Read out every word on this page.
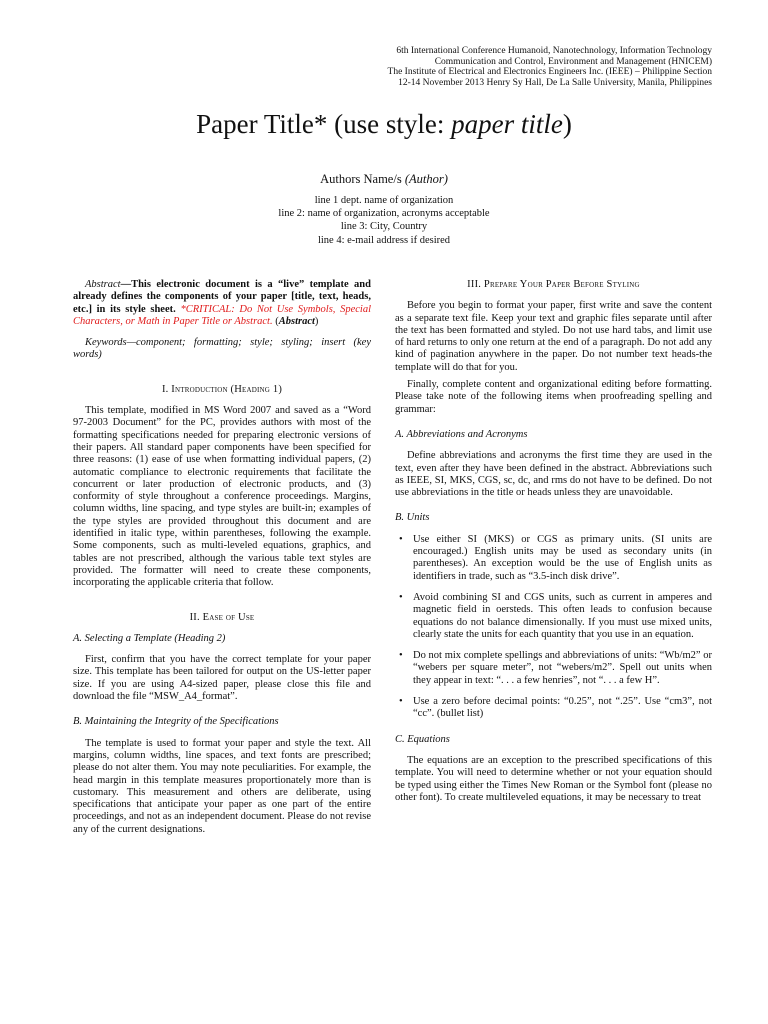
6th International Conference Humanoid, Nanotechnology, Information Technology
Communication and Control, Environment and Management (HNICEM)
The Institute of Electrical and Electronics Engineers Inc. (IEEE) – Philippine Section
12-14 November 2013 Henry Sy Hall, De La Salle University, Manila, Philippines
Paper Title* (use style: paper title)
Authors Name/s (Author)
line 1 dept. name of organization
line 2: name of organization, acronyms acceptable
line 3: City, Country
line 4: e-mail address if desired

Abstract—This electronic document is a “live” template and already defines the components of your paper [title, text, heads, etc.] in its style sheet. *CRITICAL: Do Not Use Symbols, Special Characters, or Math in Paper Title or Abstract. (Abstract)

Keywords—component; formatting; style; styling; insert (key words)

I. Introduction (Heading 1)

This template, modified in MS Word 2007 and saved as a “Word 97-2003 Document” for the PC, provides authors with most of the formatting specifications needed for preparing electronic versions of their papers. All standard paper components have been specified for three reasons: (1) ease of use when formatting individual papers, (2) automatic compliance to electronic requirements that facilitate the concurrent or later production of electronic products, and (3) conformity of style throughout a conference proceedings. Margins, column widths, line spacing, and type styles are built-in; examples of the type styles are provided throughout this document and are identified in italic type, within parentheses, following the example. Some components, such as multi-leveled equations, graphics, and tables are not prescribed, although the various table text styles are provided. The formatter will need to create these components, incorporating the applicable criteria that follow.

II. Ease of Use

A. Selecting a Template (Heading 2)

First, confirm that you have the correct template for your paper size. This template has been tailored for output on the US-letter paper size. If you are using A4-sized paper, please close this file and download the file “MSW_A4_format”.

B. Maintaining the Integrity of the Specifications

The template is used to format your paper and style the text. All margins, column widths, line spaces, and text fonts are prescribed; please do not alter them. You may note peculiarities. For example, the head margin in this template measures proportionately more than is customary. This measurement and others are deliberate, using specifications that anticipate your paper as one part of the entire proceedings, and not as an independent document. Please do not revise any of the current designations.

III. Prepare Your Paper Before Styling

Before you begin to format your paper, first write and save the content as a separate text file. Keep your text and graphic files separate until after the text has been formatted and styled. Do not use hard tabs, and limit use of hard returns to only one return at the end of a paragraph. Do not add any kind of pagination anywhere in the paper. Do not number text heads-the template will do that for you.

Finally, complete content and organizational editing before formatting. Please take note of the following items when proofreading spelling and grammar:

A. Abbreviations and Acronyms

Define abbreviations and acronyms the first time they are used in the text, even after they have been defined in the abstract. Abbreviations such as IEEE, SI, MKS, CGS, sc, dc, and rms do not have to be defined. Do not use abbreviations in the title or heads unless they are unavoidable.

B. Units

• Use either SI (MKS) or CGS as primary units. (SI units are encouraged.) English units may be used as secondary units (in parentheses). An exception would be the use of English units as identifiers in trade, such as “3.5-inch disk drive”.
• Avoid combining SI and CGS units, such as current in amperes and magnetic field in oersteds. This often leads to confusion because equations do not balance dimensionally. If you must use mixed units, clearly state the units for each quantity that you use in an equation.
• Do not mix complete spellings and abbreviations of units: “Wb/m2” or “webers per square meter”, not “webers/m2”. Spell out units when they appear in text: “. . . a few henries”, not “. . . a few H”.
• Use a zero before decimal points: “0.25”, not “.25”. Use “cm3”, not “cc”. (bullet list)

C. Equations

The equations are an exception to the prescribed specifications of this template. You will need to determine whether or not your equation should be typed using either the Times New Roman or the Symbol font (please no other font). To create multileveled equations, it may be necessary to treat
